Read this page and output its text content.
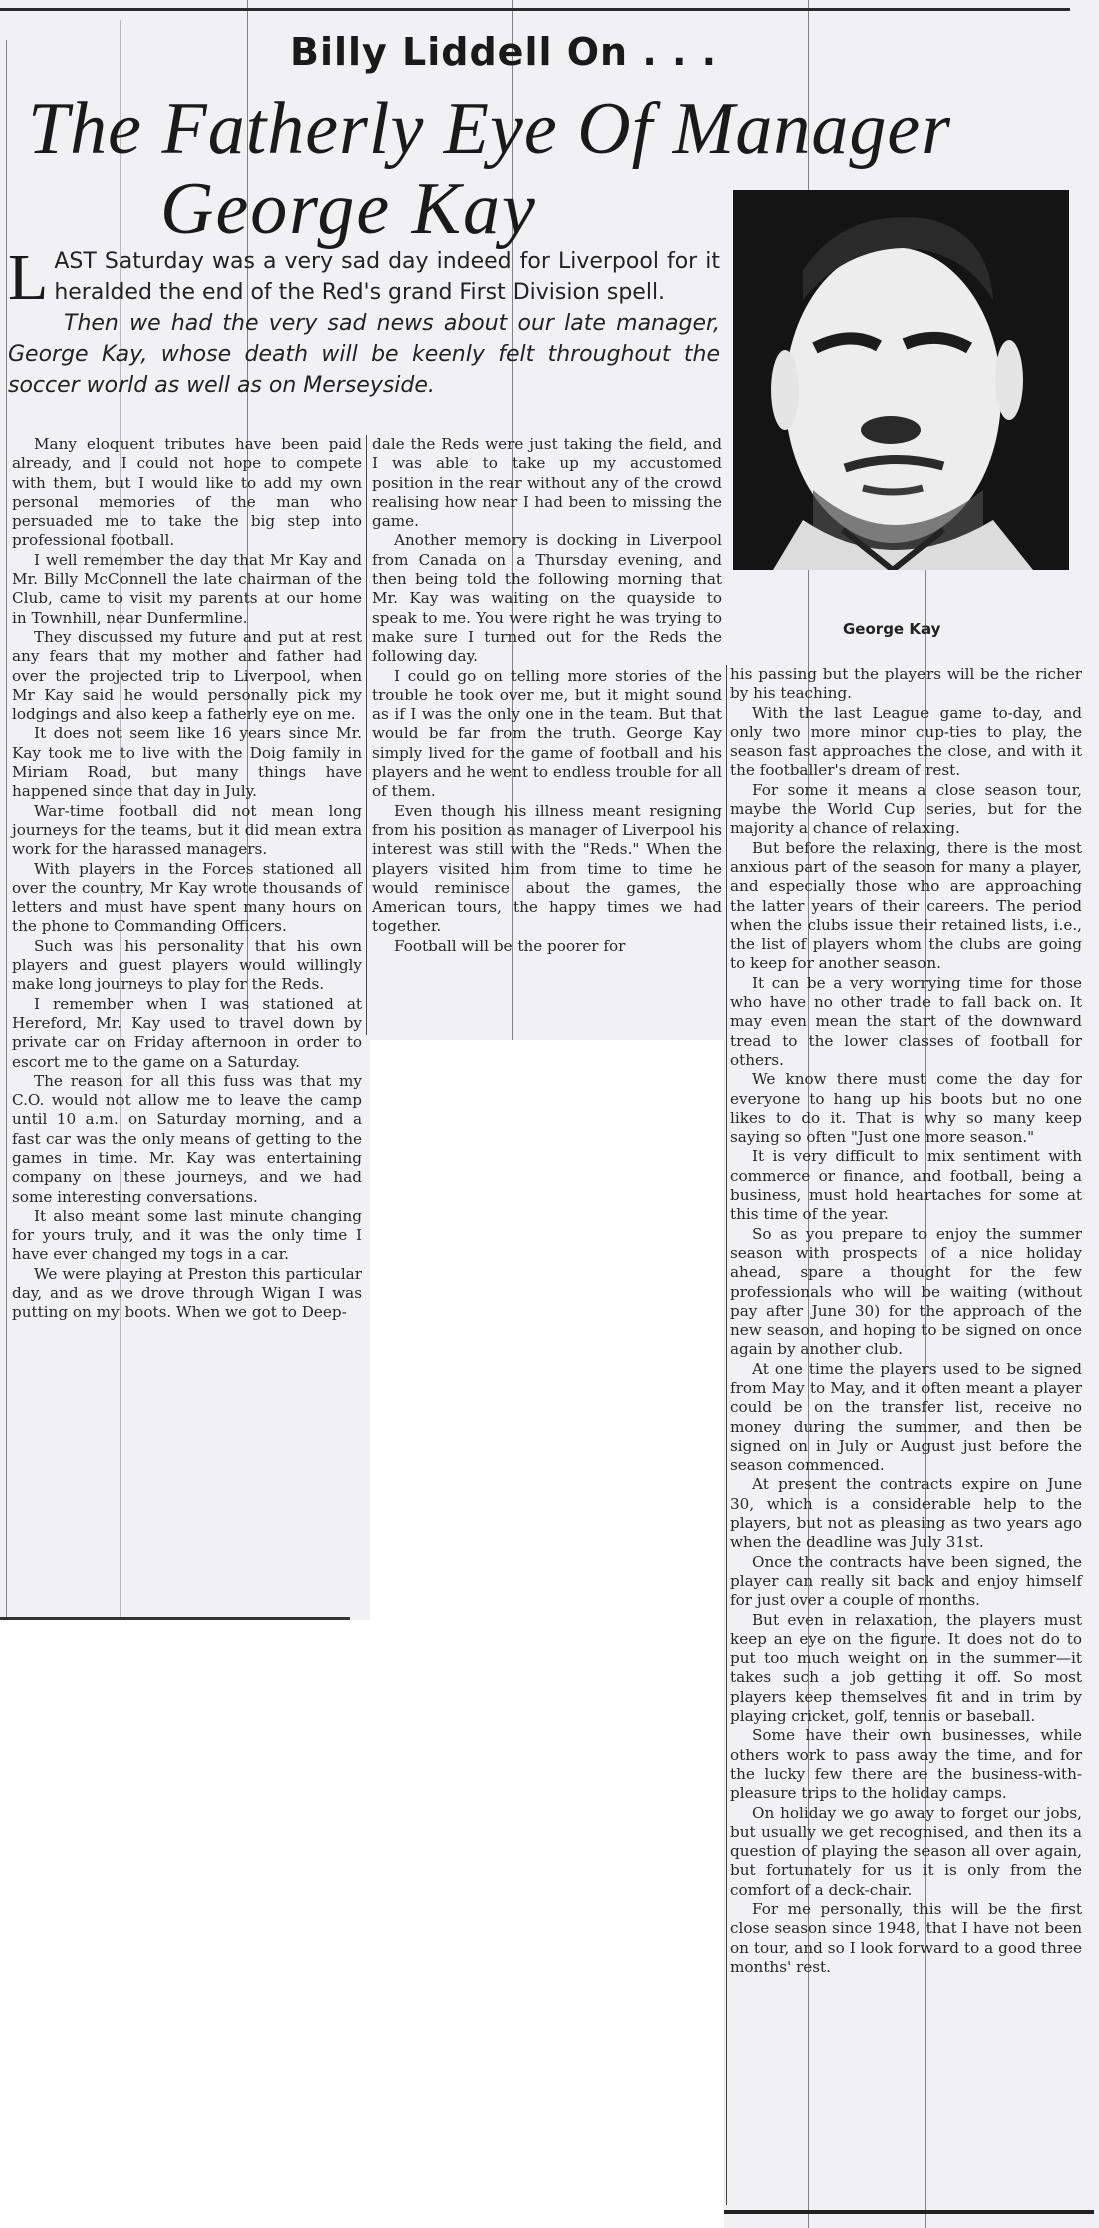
Billy Liddell On . . .
The Fatherly Eye Of Manager
George Kay

LAST Saturday was a very sad day indeed for Liverpool for it heralded the end of the Red's grand First Division spell.

Then we had the very sad news about our late manager, George Kay, whose death will be keenly felt throughout the soccer world as well as on Merseyside.

George Kay

Many eloquent tributes have been paid already, and I could not hope to compete with them, but I would like to add my own personal memories of the man who persuaded me to take the big step into professional football.

I well remember the day that Mr Kay and Mr. Billy McConnell the late chairman of the Club, came to visit my parents at our home in Townhill, near Dunfermline.

They discussed my future and put at rest any fears that my mother and father had over the projected trip to Liverpool, when Mr Kay said he would personally pick my lodgings and also keep a fatherly eye on me.

It does not seem like 16 years since Mr. Kay took me to live with the Doig family in Miriam Road, but many things have happened since that day in July.

War-time football did not mean long journeys for the teams, but it did mean extra work for the harassed managers.

With players in the Forces stationed all over the country, Mr Kay wrote thousands of letters and must have spent many hours on the phone to Commanding Officers.

Such was his personality that his own players and guest players would willingly make long journeys to play for the Reds.

I remember when I was stationed at Hereford, Mr. Kay used to travel down by private car on Friday afternoon in order to escort me to the game on a Saturday.

The reason for all this fuss was that my C.O. would not allow me to leave the camp until 10 a.m. on Saturday morning, and a fast car was the only means of getting to the games in time. Mr. Kay was entertaining company on these journeys, and we had some interesting conversations.

It also meant some last minute changing for yours truly, and it was the only time I have ever changed my togs in a car.

We were playing at Preston this particular day, and as we drove through Wigan I was putting on my boots. When we got to Deep-

dale the Reds were just taking the field, and I was able to take up my accustomed position in the rear without any of the crowd realising how near I had been to missing the game.

Another memory is docking in Liverpool from Canada on a Thursday evening, and then being told the following morning that Mr. Kay was waiting on the quayside to speak to me. You were right he was trying to make sure I turned out for the Reds the following day.

I could go on telling more stories of the trouble he took over me, but it might sound as if I was the only one in the team. But that would be far from the truth. George Kay simply lived for the game of football and his players and he went to endless trouble for all of them.

Even though his illness meant resigning from his position as manager of Liverpool his interest was still with the "Reds." When the players visited him from time to time he would reminisce about the games, the American tours, the happy times we had together.

Football will be the poorer for

his passing but the players will be the richer by his teaching.

With the last League game to-day, and only two more minor cup-ties to play, the season fast approaches the close, and with it the footballer's dream of rest.

For some it means a close season tour, maybe the World Cup series, but for the majority a chance of relaxing.

But before the relaxing, there is the most anxious part of the season for many a player, and especially those who are approaching the latter years of their careers. The period when the clubs issue their retained lists, i.e., the list of players whom the clubs are going to keep for another season.

It can be a very worrying time for those who have no other trade to fall back on. It may even mean the start of the downward tread to the lower classes of football for others.

We know there must come the day for everyone to hang up his boots but no one likes to do it. That is why so many keep saying so often "Just one more season."

It is very difficult to mix sentiment with commerce or finance, and football, being a business, must hold heartaches for some at this time of the year.

So as you prepare to enjoy the summer season with prospects of a nice holiday ahead, spare a thought for the few professionals who will be waiting (without pay after June 30) for the approach of the new season, and hoping to be signed on once again by another club.

At one time the players used to be signed from May to May, and it often meant a player could be on the transfer list, receive no money during the summer, and then be signed on in July or August just before the season commenced.

At present the contracts expire on June 30, which is a considerable help to the players, but not as pleasing as two years ago when the deadline was July 31st.

Once the contracts have been signed, the player can really sit back and enjoy himself for just over a couple of months.

But even in relaxation, the players must keep an eye on the figure. It does not do to put too much weight on in the summer—it takes such a job getting it off. So most players keep themselves fit and in trim by playing cricket, golf, tennis or baseball.

Some have their own businesses, while others work to pass away the time, and for the lucky few there are the business-with-pleasure trips to the holiday camps.

On holiday we go away to forget our jobs, but usually we get recognised, and then its a question of playing the season all over again, but fortunately for us it is only from the comfort of a deck-chair.

For me personally, this will be the first close season since 1948, that I have not been on tour, and so I look forward to a good three months' rest.
